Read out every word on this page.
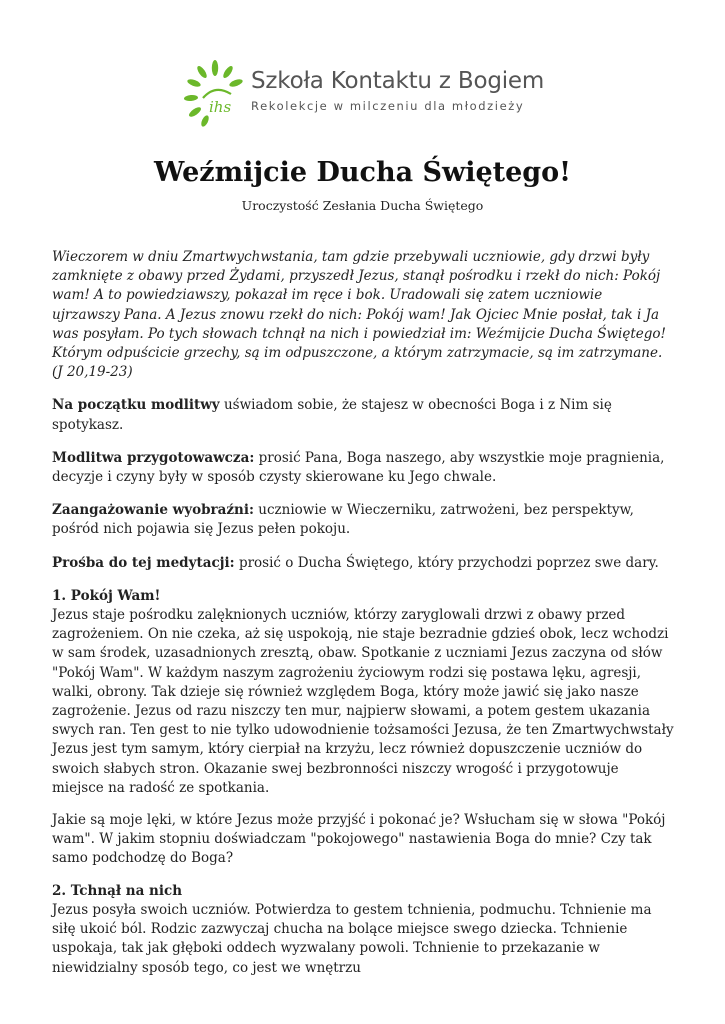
ihs
Szkoła Kontaktu z Bogiem
Rekolekcje w milczeniu dla młodzieży
Weźmijcie Ducha Świętego!
Uroczystość Zesłania Ducha Świętego

Wieczorem w dniu Zmartwychwstania, tam gdzie przebywali uczniowie, gdy drzwi były zamknięte z obawy przed Żydami, przyszedł Jezus, stanął pośrodku i rzekł do nich: Pokój wam! A to powiedziawszy, pokazał im ręce i bok. Uradowali się zatem uczniowie ujrzawszy Pana. A Jezus znowu rzekł do nich: Pokój wam! Jak Ojciec Mnie posłał, tak i Ja was posyłam. Po tych słowach tchnął na nich i powiedział im: Weźmijcie Ducha Świętego! Którym odpuścicie grzechy, są im odpuszczone, a którym zatrzymacie, są im zatrzymane. (J 20,19-23)

Na początku modlitwy uświadom sobie, że stajesz w obecności Boga i z Nim się spotykasz.

Modlitwa przygotowawcza: prosić Pana, Boga naszego, aby wszystkie moje pragnienia, decyzje i czyny były w sposób czysty skierowane ku Jego chwale.

Zaangażowanie wyobraźni: uczniowie w Wieczerniku, zatrwożeni, bez perspektyw, pośród nich pojawia się Jezus pełen pokoju.

Prośba do tej medytacji: prosić o Ducha Świętego, który przychodzi poprzez swe dary.

1. Pokój Wam!

Jezus staje pośrodku zalęknionych uczniów, którzy zaryglowali drzwi z obawy przed zagrożeniem. On nie czeka, aż się uspokoją, nie staje bezradnie gdzieś obok, lecz wchodzi w sam środek, uzasadnionych zresztą, obaw. Spotkanie z uczniami Jezus zaczyna od słów "Pokój Wam". W każdym naszym zagrożeniu życiowym rodzi się postawa lęku, agresji, walki, obrony. Tak dzieje się również względem Boga, który może jawić się jako nasze zagrożenie. Jezus od razu niszczy ten mur, najpierw słowami, a potem gestem ukazania swych ran. Ten gest to nie tylko udowodnienie tożsamości Jezusa, że ten Zmartwychwstały Jezus jest tym samym, który cierpiał na krzyżu, lecz również dopuszczenie uczniów do swoich słabych stron. Okazanie swej bezbronności niszczy wrogość i przygotowuje miejsce na radość ze spotkania.

Jakie są moje lęki, w które Jezus może przyjść i pokonać je? Wsłucham się w słowa "Pokój wam". W jakim stopniu doświadczam "pokojowego" nastawienia Boga do mnie? Czy tak samo podchodzę do Boga?

2. Tchnął na nich

Jezus posyła swoich uczniów. Potwierdza to gestem tchnienia, podmuchu. Tchnienie ma siłę ukoić ból. Rodzic zazwyczaj chucha na bolące miejsce swego dziecka. Tchnienie uspokaja, tak jak głęboki oddech wyzwalany powoli. Tchnienie to przekazanie w niewidzialny sposób tego, co jest we wnętrzu
